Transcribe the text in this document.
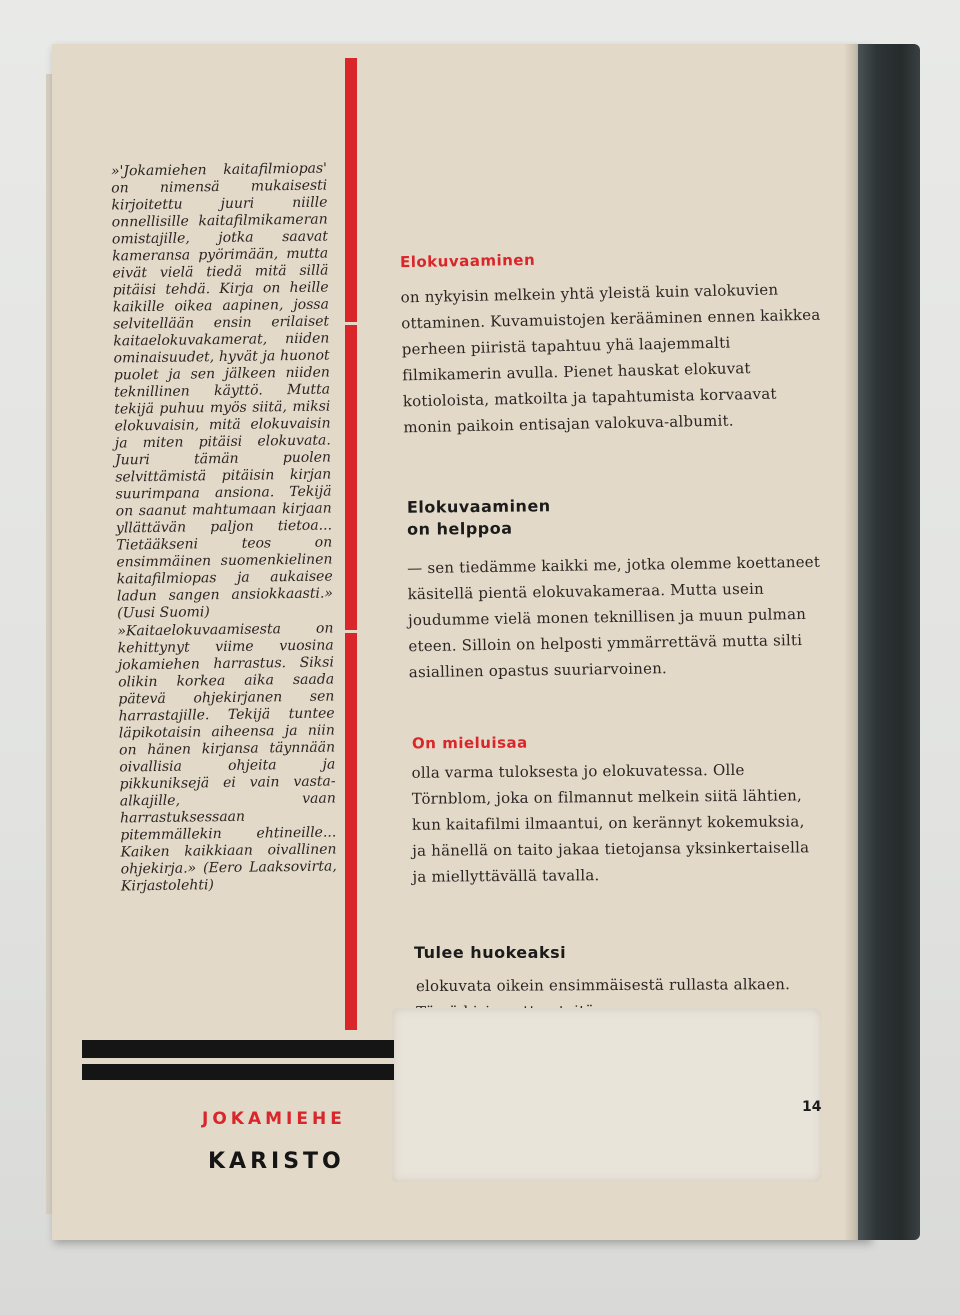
»'Jokamiehen kaitafilmiopas' on nimensä mukaisesti kirjoitettu juuri niille onnellisille kaitafilmikameran omistajille, jotka saavat kameransa pyörimään, mutta eivät vielä tiedä mitä sillä pitäisi tehdä. Kirja on heille kaikille oikea aapinen, jossa selvitellään ensin erilaiset kaitaelokuvakamerat, niiden ominaisuudet, hyvät ja huonot puolet ja sen jälkeen niiden teknillinen käyttö. Mutta tekijä puhuu myös siitä, miksi elokuvaisin, mitä elokuvaisin ja miten pitäisi elokuvata. Juuri tämän puolen selvittämistä pitäisin kirjan suurimpana ansiona. Tekijä on saanut mahtumaan kirjaan yllättävän paljon tietoa... Tietääkseni teos on ensimmäinen suomenkielinen kaitafilmiopas ja aukaisee ladun sangen ansiokkaasti.» (Uusi Suomi)

»Kaitaelokuvaamisesta on kehittynyt viime vuosina jokamiehen harrastus. Siksi olikin korkea aika saada pätevä ohjekirjanen sen harrastajille. Tekijä tuntee läpikotaisin aiheensa ja niin on hänen kirjansa täynnään oivallisia ohjeita ja pikkuniksejä ei vain vasta-alkajille, vaan harrastuksessaan pitemmällekin ehtineille... Kaiken kaikkiaan oivallinen ohjekirja.» (Eero Laaksovirta, Kirjastolehti)

Elokuvaaminen
on nykyisin melkein yhtä yleistä kuin valokuvien ottaminen. Kuvamuistojen kerääminen ennen kaikkea perheen piiristä tapahtuu yhä laajemmalti filmikamerin avulla. Pienet hauskat elokuvat kotioloista, matkoilta ja tapahtumista korvaavat monin paikoin entisajan valokuva-albumit.
Elokuvaaminen
on helppoa
— sen tiedämme kaikki me, jotka olemme koettaneet käsitellä pientä elokuvakameraa. Mutta usein joudumme vielä monen teknillisen ja muun pulman eteen. Silloin on helposti ymmärrettävä mutta silti asiallinen opastus suuriarvoinen.
On mieluisaa
olla varma tuloksesta jo elokuvatessa. Olle Törnblom, joka on filmannut melkein siitä lähtien, kun kaitafilmi ilmaantui, on kerännyt kokemuksia, ja hänellä on taito jakaa tietojansa yksinkertaisella ja miellyttävällä tavalla.
Tulee huokeaksi
elokuvata oikein ensimmäisestä rullasta alkaen.
JOKAMIEHE
KARISTO
14
